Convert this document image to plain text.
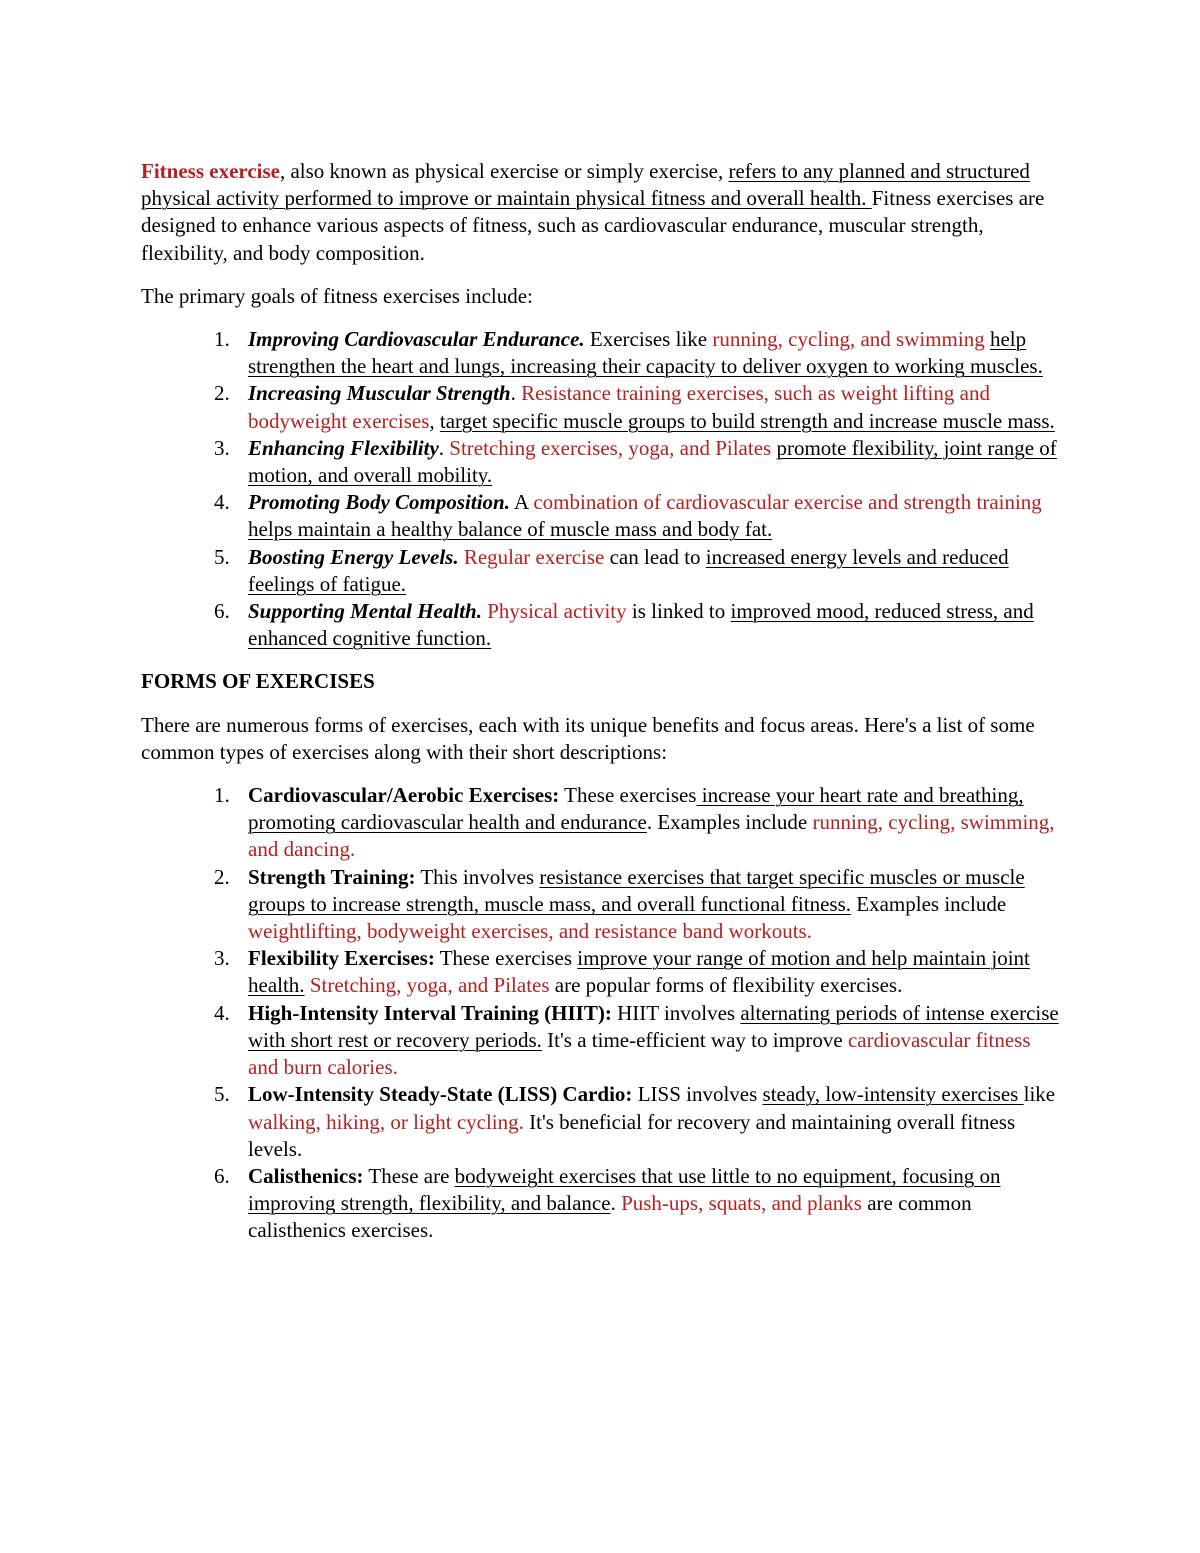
Fitness exercise, also known as physical exercise or simply exercise, refers to any planned and structured physical activity performed to improve or maintain physical fitness and overall health. Fitness exercises are designed to enhance various aspects of fitness, such as cardiovascular endurance, muscular strength, flexibility, and body composition.

The primary goals of fitness exercises include:

1. Improving Cardiovascular Endurance. Exercises like running, cycling, and swimming help strengthen the heart and lungs, increasing their capacity to deliver oxygen to working muscles.
2. Increasing Muscular Strength. Resistance training exercises, such as weight lifting and bodyweight exercises, target specific muscle groups to build strength and increase muscle mass.
3. Enhancing Flexibility. Stretching exercises, yoga, and Pilates promote flexibility, joint range of motion, and overall mobility.
4. Promoting Body Composition. A combination of cardiovascular exercise and strength training helps maintain a healthy balance of muscle mass and body fat.
5. Boosting Energy Levels. Regular exercise can lead to increased energy levels and reduced feelings of fatigue.
6. Supporting Mental Health. Physical activity is linked to improved mood, reduced stress, and enhanced cognitive function.

FORMS OF EXERCISES

There are numerous forms of exercises, each with its unique benefits and focus areas. Here's a list of some common types of exercises along with their short descriptions:

1. Cardiovascular/Aerobic Exercises: These exercises increase your heart rate and breathing, promoting cardiovascular health and endurance. Examples include running, cycling, swimming, and dancing.
2. Strength Training: This involves resistance exercises that target specific muscles or muscle groups to increase strength, muscle mass, and overall functional fitness. Examples include weightlifting, bodyweight exercises, and resistance band workouts.
3. Flexibility Exercises: These exercises improve your range of motion and help maintain joint health. Stretching, yoga, and Pilates are popular forms of flexibility exercises.
4. High-Intensity Interval Training (HIIT): HIIT involves alternating periods of intense exercise with short rest or recovery periods. It's a time-efficient way to improve cardiovascular fitness and burn calories.
5. Low-Intensity Steady-State (LISS) Cardio: LISS involves steady, low-intensity exercises like walking, hiking, or light cycling. It's beneficial for recovery and maintaining overall fitness levels.
6. Calisthenics: These are bodyweight exercises that use little to no equipment, focusing on improving strength, flexibility, and balance. Push-ups, squats, and planks are common calisthenics exercises.
